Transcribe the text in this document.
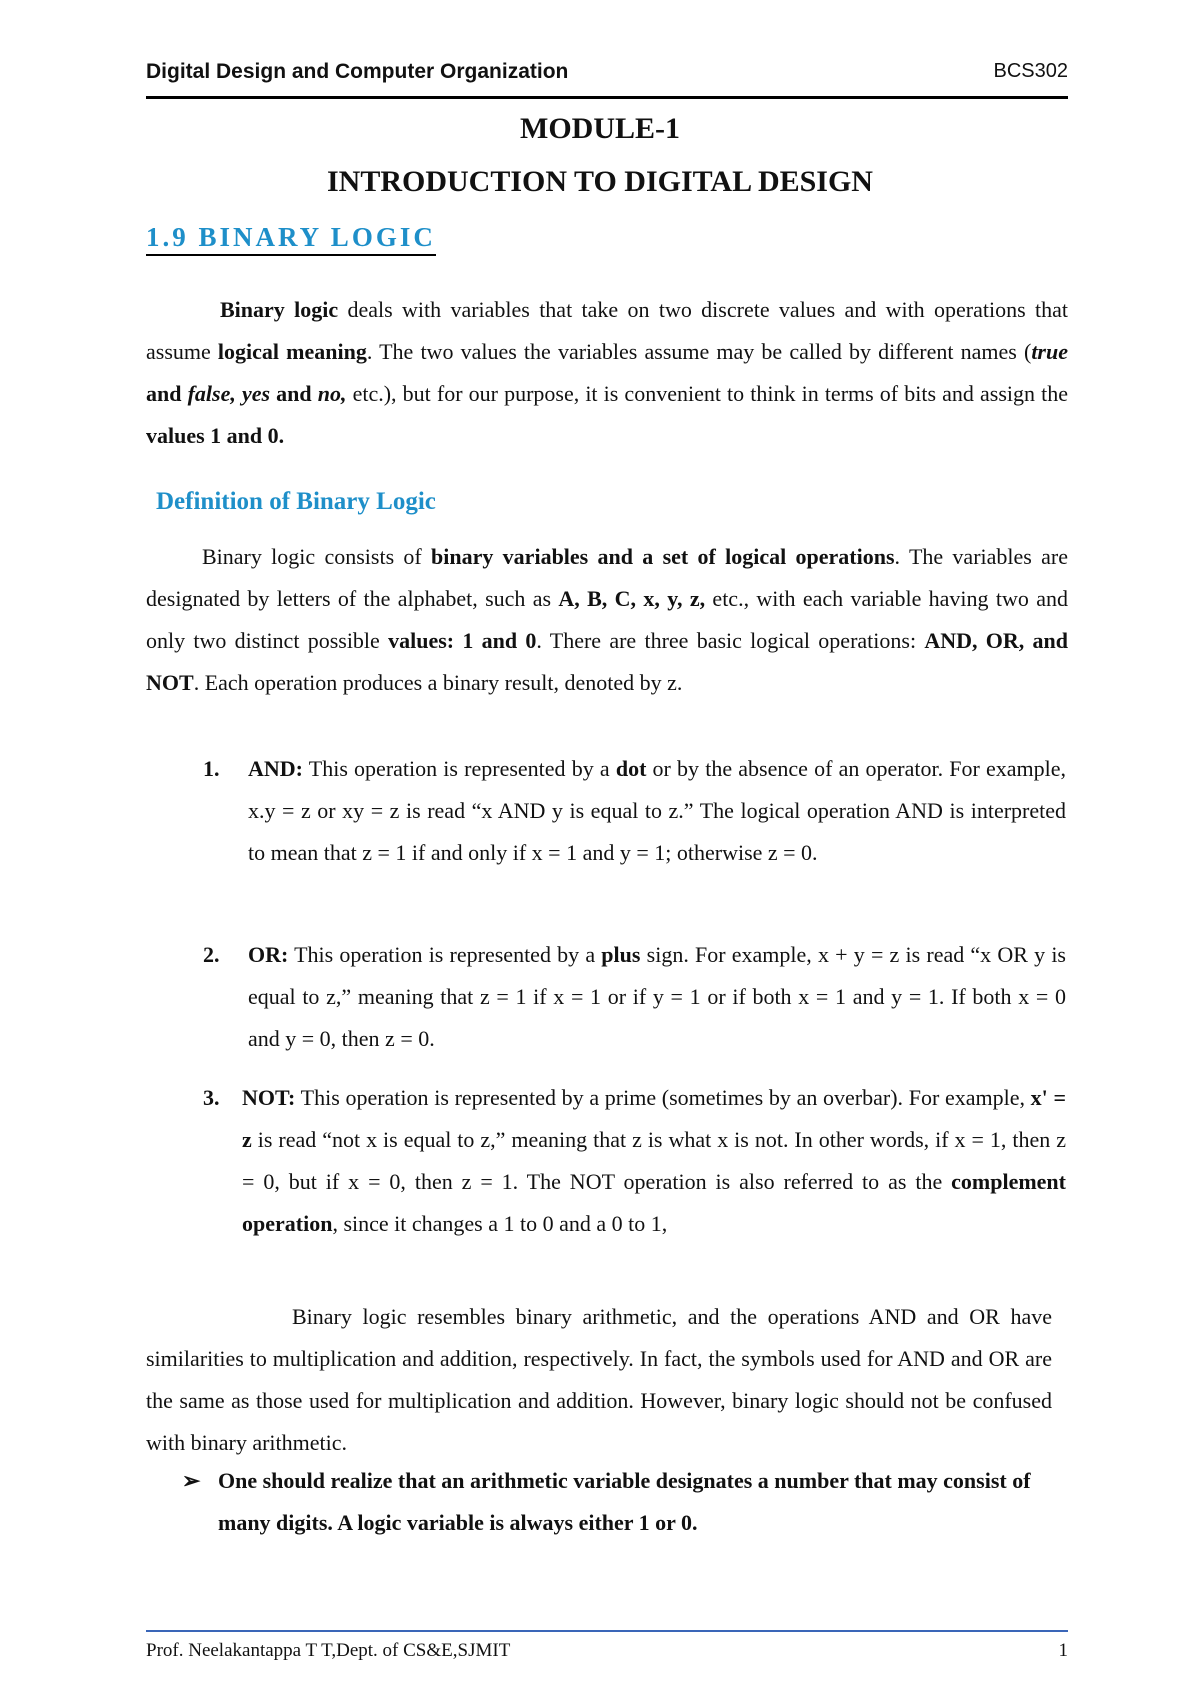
Digital Design and Computer Organization	BCS302
MODULE-1
INTRODUCTION TO DIGITAL DESIGN
1.9 BINARY LOGIC
Binary logic deals with variables that take on two discrete values and with operations that assume logical meaning. The two values the variables assume may be called by different names (true and false, yes and no, etc.), but for our purpose, it is convenient to think in terms of bits and assign the values 1 and 0.
Definition of Binary Logic
Binary logic consists of binary variables and a set of logical operations. The variables are designated by letters of the alphabet, such as A, B, C, x, y, z, etc., with each variable having two and only two distinct possible values: 1 and 0. There are three basic logical operations: AND, OR, and NOT. Each operation produces a binary result, denoted by z.
1. AND: This operation is represented by a dot or by the absence of an operator. For example, x.y = z or xy = z is read “x AND y is equal to z.” The logical operation AND is interpreted to mean that z = 1 if and only if x = 1 and y = 1; otherwise z = 0.
2. OR: This operation is represented by a plus sign. For example, x + y = z is read “x OR y is equal to z,” meaning that z = 1 if x = 1 or if y = 1 or if both x = 1 and y = 1. If both x = 0 and y = 0, then z = 0.
3. NOT: This operation is represented by a prime (sometimes by an overbar). For example, x' = z is read “not x is equal to z,” meaning that z is what x is not. In other words, if x = 1, then z = 0, but if x = 0, then z = 1. The NOT operation is also referred to as the complement operation, since it changes a 1 to 0 and a 0 to 1,
Binary logic resembles binary arithmetic, and the operations AND and OR have similarities to multiplication and addition, respectively. In fact, the symbols used for AND and OR are the same as those used for multiplication and addition. However, binary logic should not be confused with binary arithmetic.
➢ One should realize that an arithmetic variable designates a number that may consist of many digits. A logic variable is always either 1 or 0.
Prof. Neelakantappa T T,Dept. of CS&E,SJMIT	1
